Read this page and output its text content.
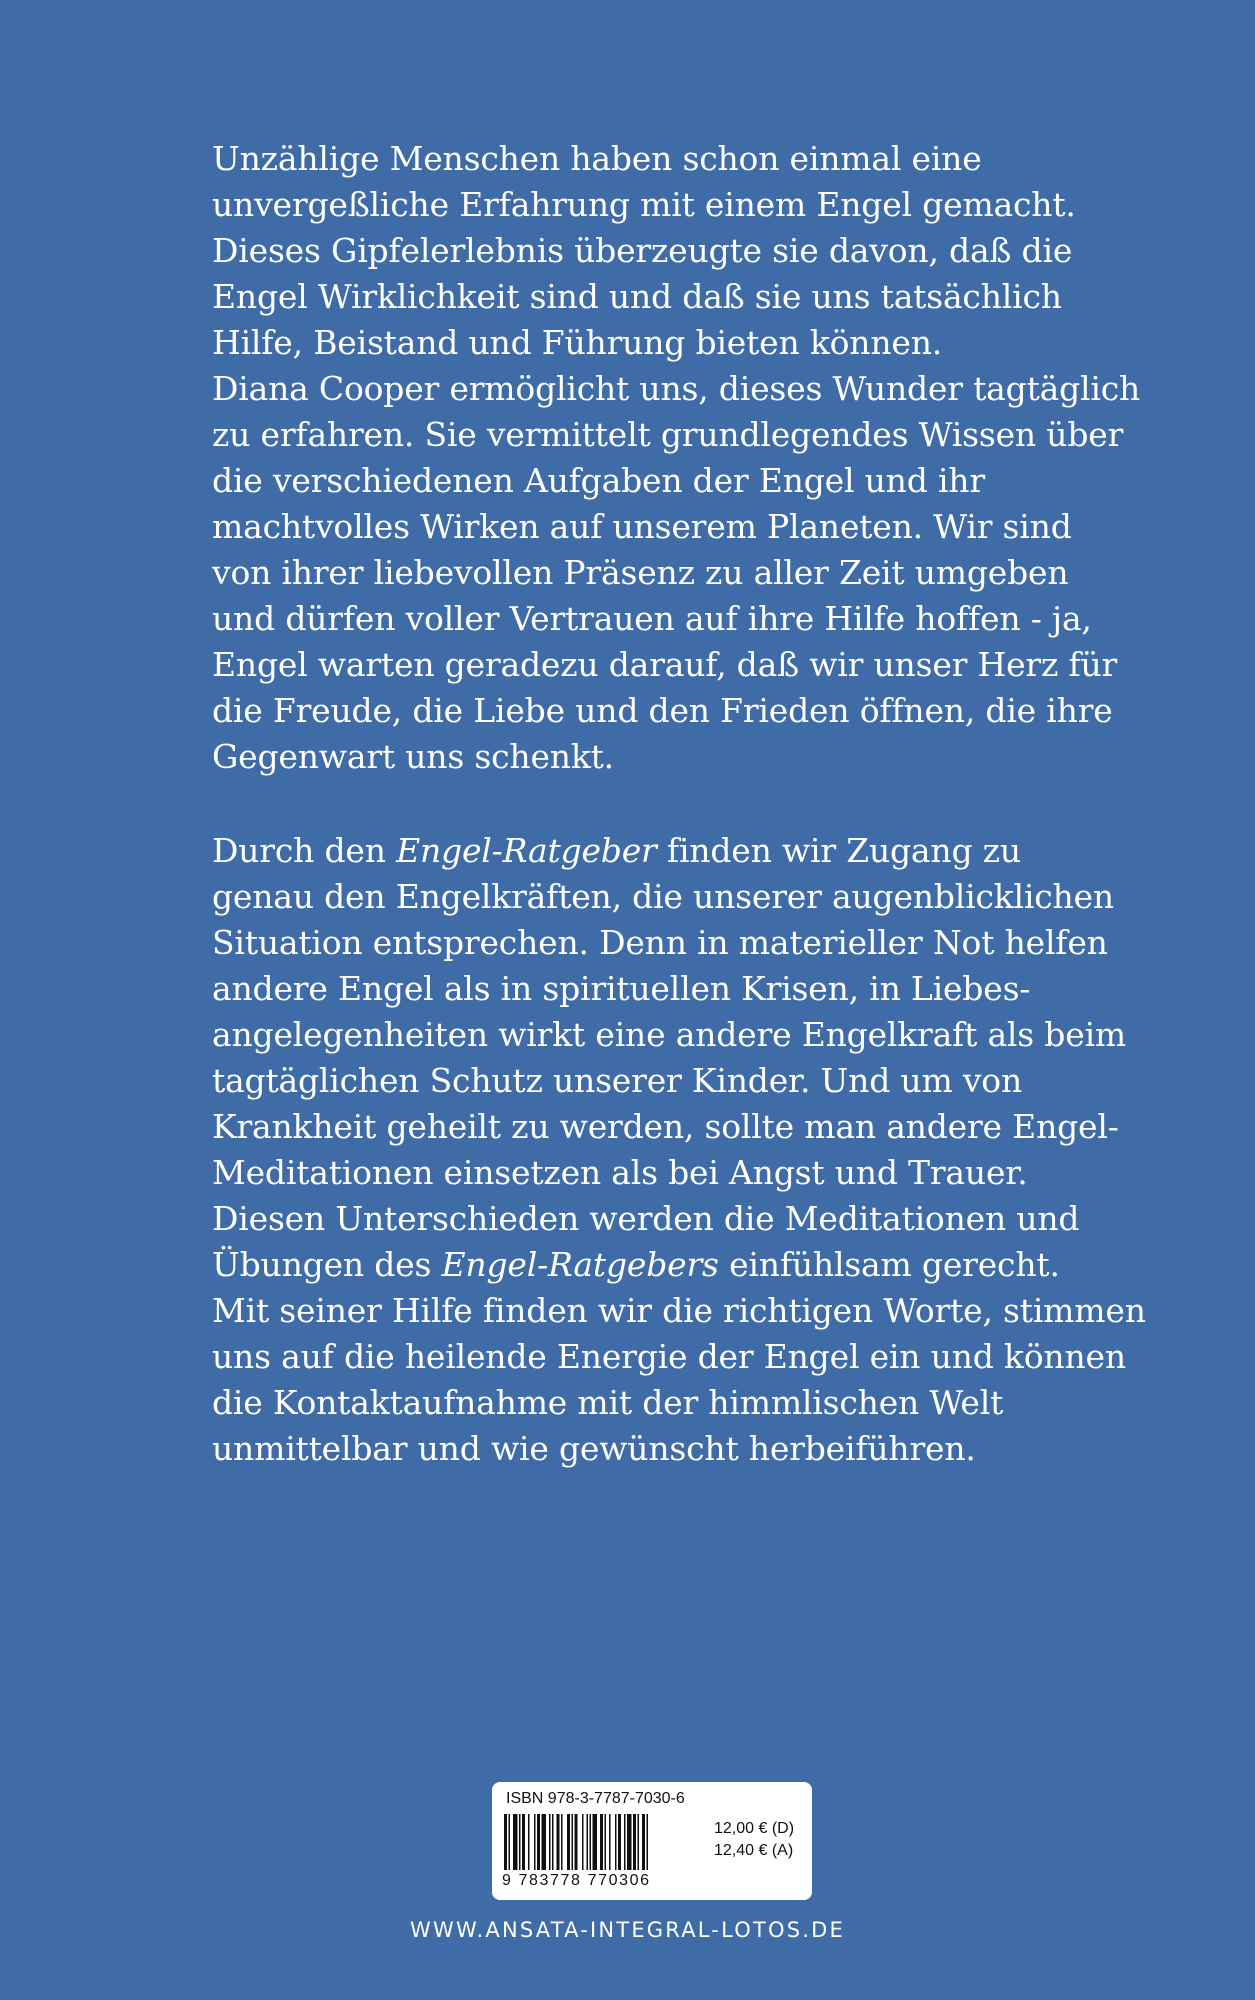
Unzählige Menschen haben schon einmal eine
unvergeßliche Erfahrung mit einem Engel gemacht.
Dieses Gipfelerlebnis überzeugte sie davon, daß die
Engel Wirklichkeit sind und daß sie uns tatsächlich
Hilfe, Beistand und Führung bieten können.
Diana Cooper ermöglicht uns, dieses Wunder tagtäglich
zu erfahren. Sie vermittelt grundlegendes Wissen über
die verschiedenen Aufgaben der Engel und ihr
machtvolles Wirken auf unserem Planeten. Wir sind
von ihrer liebevollen Präsenz zu aller Zeit umgeben
und dürfen voller Vertrauen auf ihre Hilfe hoffen - ja,
Engel warten geradezu darauf, daß wir unser Herz für
die Freude, die Liebe und den Frieden öffnen, die ihre
Gegenwart uns schenkt.
Durch den Engel-Ratgeber finden wir Zugang zu
genau den Engelkräften, die unserer augenblicklichen
Situation entsprechen. Denn in materieller Not helfen
andere Engel als in spirituellen Krisen, in Liebes-
angelegenheiten wirkt eine andere Engelkraft als beim
tagtäglichen Schutz unserer Kinder. Und um von
Krankheit geheilt zu werden, sollte man andere Engel-
Meditationen einsetzen als bei Angst und Trauer.
Diesen Unterschieden werden die Meditationen und
Übungen des Engel-Ratgebers einfühlsam gerecht.
Mit seiner Hilfe finden wir die richtigen Worte, stimmen
uns auf die heilende Energie der Engel ein und können
die Kontaktaufnahme mit der himmlischen Welt
unmittelbar und wie gewünscht herbeiführen.
ISBN 978-3-7787-7030-6
9 783778 770306
12,00 € (D)
12,40 € (A)
WWW.ANSATA-INTEGRAL-LOTOS.DE
